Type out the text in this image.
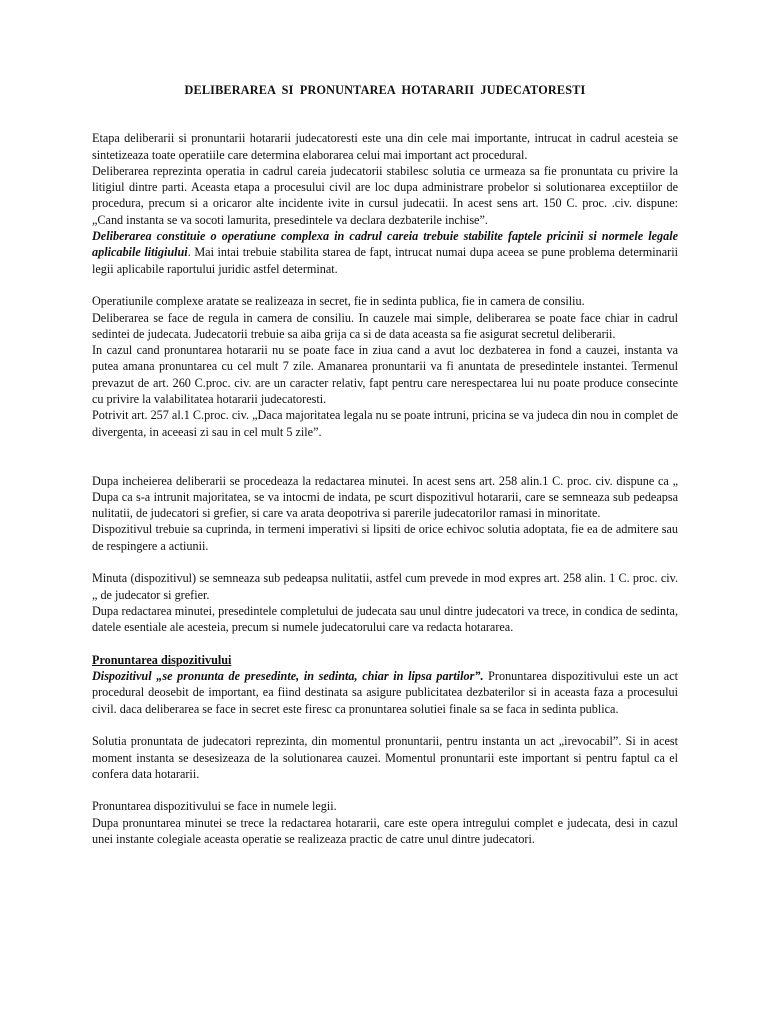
DELIBERAREA SI PRONUNTAREA HOTARARII JUDECATORESTI

Etapa deliberarii si pronuntarii hotararii judecatoresti este una din cele mai importante, intrucat in cadrul acesteia se sintetizeaza toate operatiile care determina elaborarea celui mai important act procedural.

Deliberarea reprezinta operatia in cadrul careia judecatorii stabilesc solutia ce urmeaza sa fie pronuntata cu privire la litigiul dintre parti. Aceasta etapa a procesului civil are loc dupa administrare probelor si solutionarea exceptiilor de procedura, precum si a oricaror alte incidente ivite in cursul judecatii. In acest sens art. 150 C. proc. .civ. dispune: „Cand instanta se va socoti lamurita, presedintele va declara dezbaterile inchise”.

Deliberarea constituie o operatiune complexa in cadrul careia trebuie stabilite faptele pricinii si normele legale aplicabile litigiului. Mai intai trebuie stabilita starea de fapt, intrucat numai dupa aceea se pune problema determinarii legii aplicabile raportului juridic astfel determinat.

Operatiunile complexe aratate se realizeaza in secret, fie in sedinta publica, fie in camera de consiliu.

Deliberarea se face de regula in camera de consiliu. In cauzele mai simple, deliberarea se poate face chiar in cadrul sedintei de judecata. Judecatorii trebuie sa aiba grija ca si de data aceasta sa fie asigurat secretul deliberarii.

In cazul cand pronuntarea hotararii nu se poate face in ziua cand a avut loc dezbaterea in fond a cauzei, instanta va putea amana pronuntarea cu cel mult 7 zile. Amanarea pronuntarii va fi anuntata de presedintele instantei. Termenul prevazut de art. 260 C.proc. civ. are un caracter relativ, fapt pentru care nerespectarea lui nu poate produce consecinte cu privire la valabilitatea hotararii judecatoresti.

Potrivit art. 257 al.1 C.proc. civ. „Daca majoritatea legala nu se poate intruni, pricina se va judeca din nou in complet de divergenta, in aceeasi zi sau in cel mult 5 zile”.

Dupa incheierea deliberarii se procedeaza la redactarea minutei. In acest sens art. 258 alin.1 C. proc. civ. dispune ca „ Dupa ca s-a intrunit majoritatea, se va intocmi de indata, pe scurt dispozitivul hotararii, care se semneaza sub pedeapsa nulitatii, de judecatori si grefier, si care va arata deopotriva si parerile judecatorilor ramasi in minoritate.

Dispozitivul trebuie sa cuprinda, in termeni imperativi si lipsiti de orice echivoc solutia adoptata, fie ea de admitere sau de respingere a actiunii.

Minuta (dispozitivul) se semneaza sub pedeapsa nulitatii, astfel cum prevede in mod expres art. 258 alin. 1 C. proc. civ.„ de judecator si grefier.

Dupa redactarea minutei, presedintele completului de judecata sau unul dintre judecatori va trece, in condica de sedinta, datele esentiale ale acesteia, precum si numele judecatorului care va redacta hotararea.

Pronuntarea dispozitivului

Dispozitivul „se pronunta de presedinte, in sedinta, chiar in lipsa partilor”. Pronuntarea dispozitivului este un act procedural deosebit de important, ea fiind destinata sa asigure publicitatea dezbaterilor si in aceasta faza a procesului civil. daca deliberarea se face in secret este firesc ca pronuntarea solutiei finale sa se faca in sedinta publica.

Solutia pronuntata de judecatori reprezinta, din momentul pronuntarii, pentru instanta un act „irevocabil”. Si in acest moment instanta se desesizeaza de la solutionarea cauzei. Momentul pronuntarii este important si pentru faptul ca el confera data hotararii.

Pronuntarea dispozitivului se face in numele legii.

Dupa pronuntarea minutei se trece la redactarea hotararii, care este opera intregului complet e judecata, desi in cazul unei instante colegiale aceasta operatie se realizeaza practic de catre unul dintre judecatori.
